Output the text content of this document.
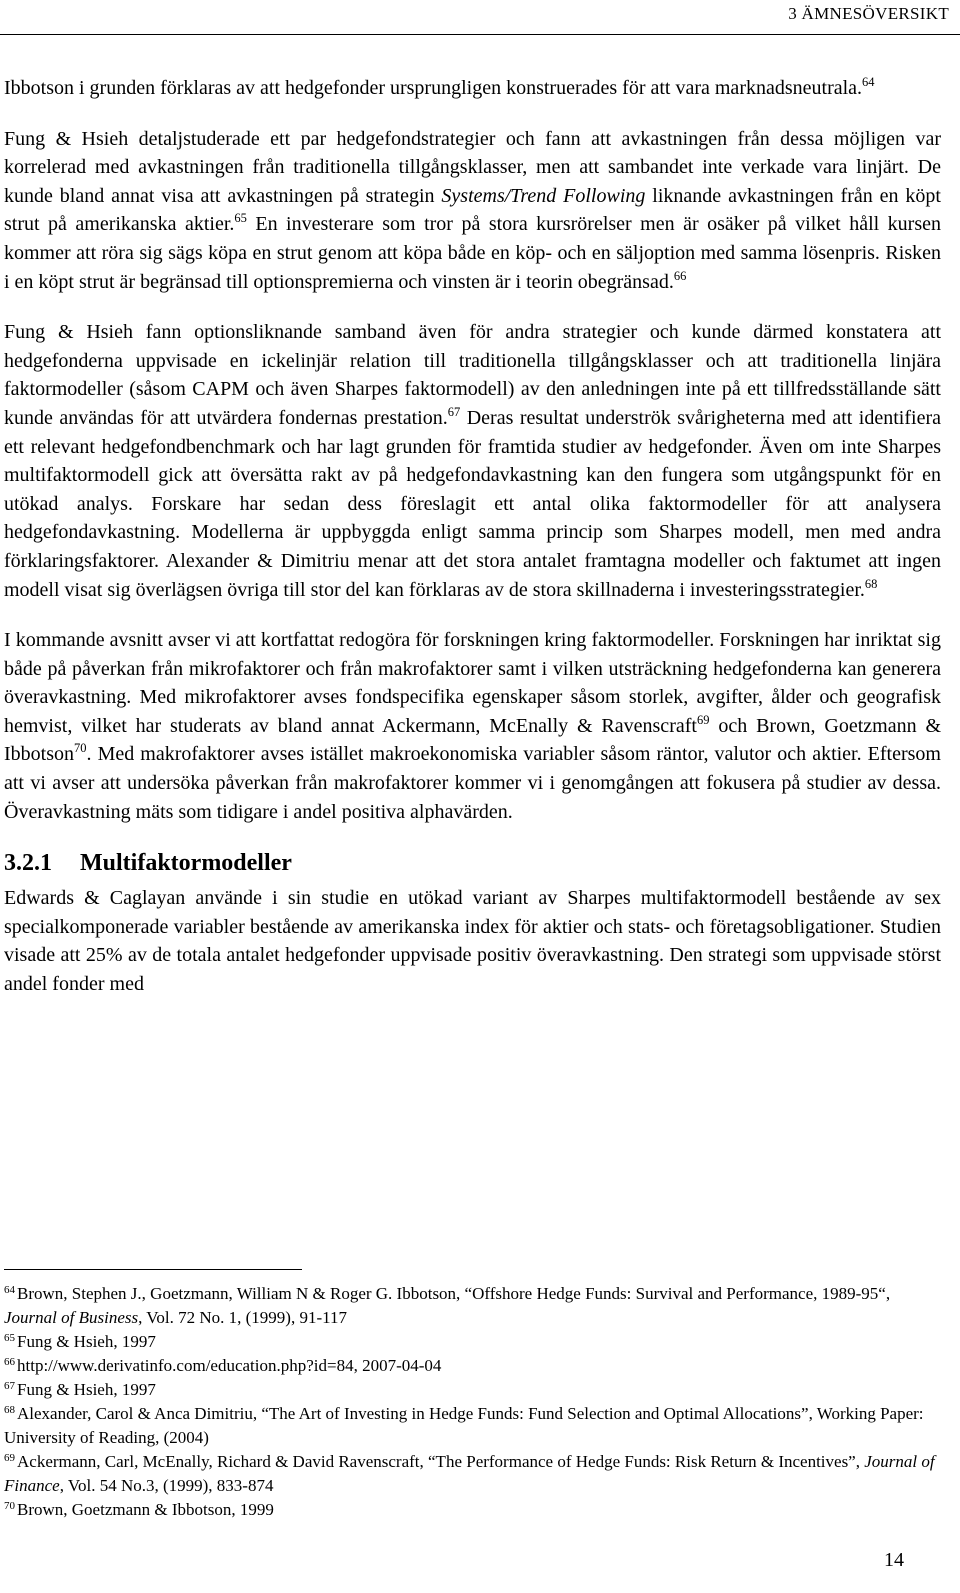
3 ÄMNESÖVERSIKT

Ibbotson i grunden förklaras av att hedgefonder ursprungligen konstruerades för att vara marknadsneutrala.$^{64}$

Fung & Hsieh detaljstuderade ett par hedgefondstrategier och fann att avkastningen från dessa möjligen var korrelerad med avkastningen från traditionella tillgångsklasser, men att sambandet inte verkade vara linjärt. De kunde bland annat visa att avkastningen på strategin Systems/Trend Following liknande avkastningen från en köpt strut på amerikanska aktier.$^{65}$ En investerare som tror på stora kursrörelser men är osäker på vilket håll kursen kommer att röra sig sägs köpa en strut genom att köpa både en köp- och en säljoption med samma lösenpris. Risken i en köpt strut är begränsad till optionspremierna och vinsten är i teorin obegränsad.$^{66}$

Fung & Hsieh fann optionsliknande samband även för andra strategier och kunde därmed konstatera att hedgefonderna uppvisade en ickelinjär relation till traditionella tillgångsklasser och att traditionella linjära faktormodeller (såsom CAPM och även Sharpes faktormodell) av den anledningen inte på ett tillfredsställande sätt kunde användas för att utvärdera fondernas prestation.$^{67}$ Deras resultat underströk svårigheterna med att identifiera ett relevant hedgefondbenchmark och har lagt grunden för framtida studier av hedgefonder. Även om inte Sharpes multifaktormodell gick att översätta rakt av på hedgefondavkastning kan den fungera som utgångspunkt för en utökad analys. Forskare har sedan dess föreslagit ett antal olika faktormodeller för att analysera hedgefondavkastning. Modellerna är uppbyggda enligt samma princip som Sharpes modell, men med andra förklaringsfaktorer. Alexander & Dimitriu menar att det stora antalet framtagna modeller och faktumet att ingen modell visat sig överlägsen övriga till stor del kan förklaras av de stora skillnaderna i investeringsstrategier.$^{68}$

I kommande avsnitt avser vi att kortfattat redogöra för forskningen kring faktormodeller. Forskningen har inriktat sig både på påverkan från mikrofaktorer och från makrofaktorer samt i vilken utsträckning hedgefonderna kan generera överavkastning. Med mikrofaktorer avses fondspecifika egenskaper såsom storlek, avgifter, ålder och geografisk hemvist, vilket har studerats av bland annat Ackermann, McEnally & Ravenscraft$^{69}$ och Brown, Goetzmann & Ibbotson$^{70}$. Med makrofaktorer avses istället makroekonomiska variabler såsom räntor, valutor och aktier. Eftersom att vi avser att undersöka påverkan från makrofaktorer kommer vi i genomgången att fokusera på studier av dessa. Överavkastning mäts som tidigare i andel positiva alphavärden.

3.2.1 Multifaktormodeller

Edwards & Caglayan använde i sin studie en utökad variant av Sharpes multifaktormodell bestående av sex specialkomponerade variabler bestående av amerikanska index för aktier och stats- och företagsobligationer. Studien visade att 25% av de totala antalet hedgefonder uppvisade positiv överavkastning. Den strategi som uppvisade störst andel fonder med

$^{64}$ Brown, Stephen J., Goetzmann, William N & Roger G. Ibbotson, “Offshore Hedge Funds: Survival and Performance, 1989-95“, Journal of Business, Vol. 72 No. 1, (1999), 91-117

$^{65}$ Fung & Hsieh, 1997

$^{66}$ http://www.derivatinfo.com/education.php?id=84, 2007-04-04

$^{67}$ Fung & Hsieh, 1997

$^{68}$ Alexander, Carol & Anca Dimitriu, “The Art of Investing in Hedge Funds: Fund Selection and Optimal Allocations”, Working Paper: University of Reading, (2004)

$^{69}$ Ackermann, Carl, McEnally, Richard & David Ravenscraft, “The Performance of Hedge Funds: Risk Return & Incentives”, Journal of Finance, Vol. 54 No.3, (1999), 833-874

$^{70}$ Brown, Goetzmann & Ibbotson, 1999

14
